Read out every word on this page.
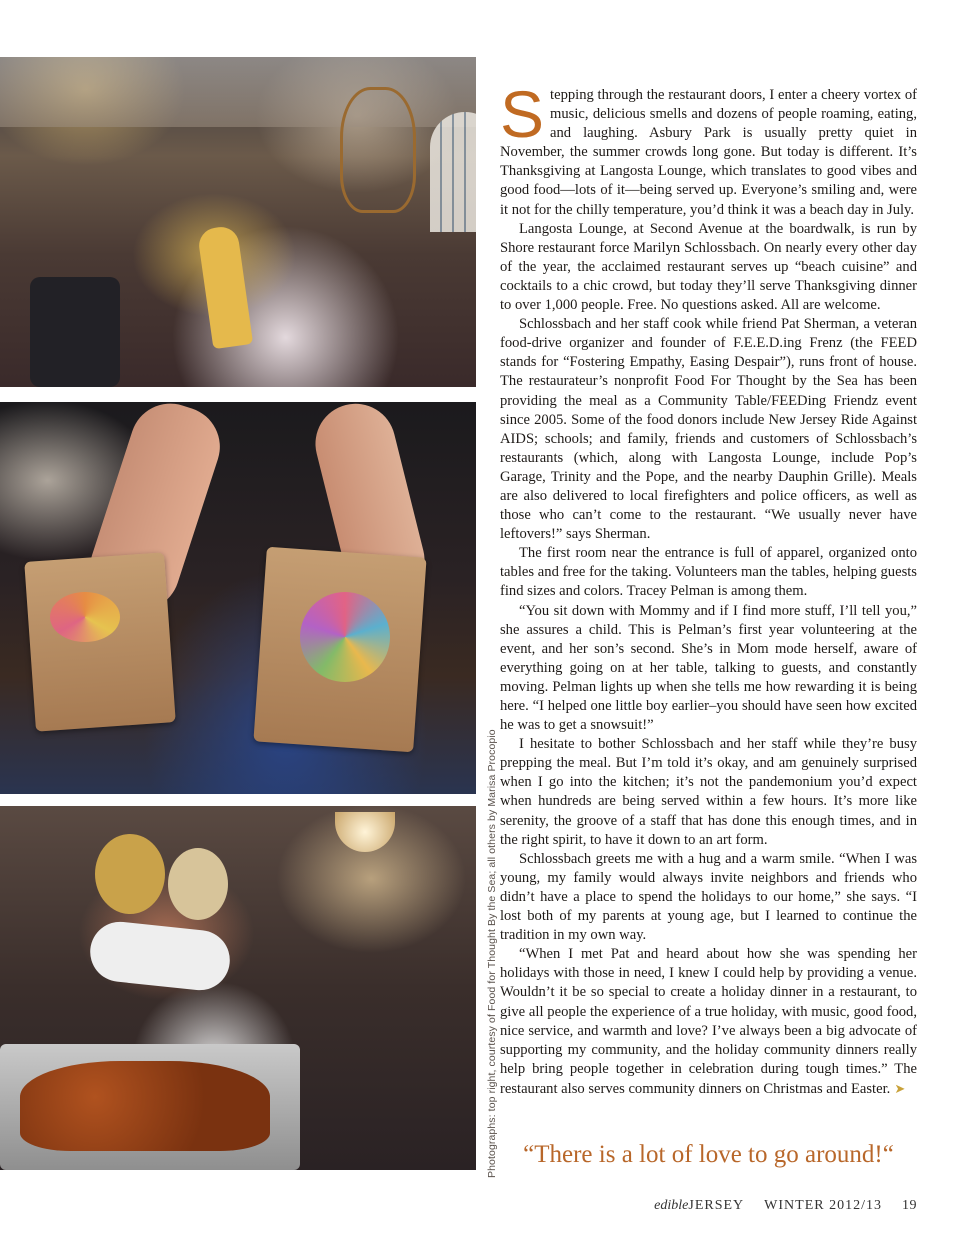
Photographs: top right, courtesy of Food for Thought By the Sea; all others by Marisa Procopio

Stepping through the restaurant doors, I enter a cheery vortex of music, delicious smells and dozens of people roaming, eating, and laughing. Asbury Park is usually pretty quiet in November, the summer crowds long gone. But today is different. It’s Thanksgiving at Langosta Lounge, which translates to good vibes and good food—lots of it—being served up. Everyone’s smiling and, were it not for the chilly temperature, you’d think it was a beach day in July.

Langosta Lounge, at Second Avenue at the boardwalk, is run by Shore restaurant force Marilyn Schlossbach. On nearly every other day of the year, the acclaimed restaurant serves up “beach cuisine” and cocktails to a chic crowd, but today they’ll serve Thanksgiving dinner to over 1,000 people. Free. No questions asked. All are welcome.

Schlossbach and her staff cook while friend Pat Sherman, a veteran food-drive organizer and founder of F.E.E.D.ing Frenz (the FEED stands for “Fostering Empathy, Easing Despair”), runs front of house. The restaurateur’s nonprofit Food For Thought by the Sea has been providing the meal as a Community Table/FEEDing Friendz event since 2005. Some of the food donors include New Jersey Ride Against AIDS; schools; and family, friends and customers of Schlossbach’s restaurants (which, along with Langosta Lounge, include Pop’s Garage, Trinity and the Pope, and the nearby Dauphin Grille). Meals are also delivered to local firefighters and police officers, as well as those who can’t come to the restaurant. “We usually never have leftovers!” says Sherman.

The first room near the entrance is full of apparel, organized onto tables and free for the taking. Volunteers man the tables, helping guests find sizes and colors. Tracey Pelman is among them.

“You sit down with Mommy and if I find more stuff, I’ll tell you,” she assures a child. This is Pelman’s first year volunteering at the event, and her son’s second. She’s in Mom mode herself, aware of everything going on at her table, talking to guests, and constantly moving. Pelman lights up when she tells me how rewarding it is being here. “I helped one little boy earlier–you should have seen how excited he was to get a snowsuit!”

I hesitate to bother Schlossbach and her staff while they’re busy prepping the meal. But I’m told it’s okay, and am genuinely surprised when I go into the kitchen; it’s not the pandemonium you’d expect when hundreds are being served within a few hours. It’s more like serenity, the groove of a staff that has done this enough times, and in the right spirit, to have it down to an art form.

Schlossbach greets me with a hug and a warm smile. “When I was young, my family would always invite neighbors and friends who didn’t have a place to spend the holidays to our home,” she says. “I lost both of my parents at young age, but I learned to continue the tradition in my own way.

“When I met Pat and heard about how she was spending her holidays with those in need, I knew I could help by providing a venue. Wouldn’t it be so special to create a holiday dinner in a restaurant, to give all people the experience of a true holiday, with music, good food, nice service, and warmth and love? I’ve always been a big advocate of supporting my community, and the holiday community dinners really help bring people together in celebration during tough times.” The restaurant also serves community dinners on Christmas and Easter. ➤

“There is a lot of love to go around!“
edibleJERSEY WINTER 2012/13 19
